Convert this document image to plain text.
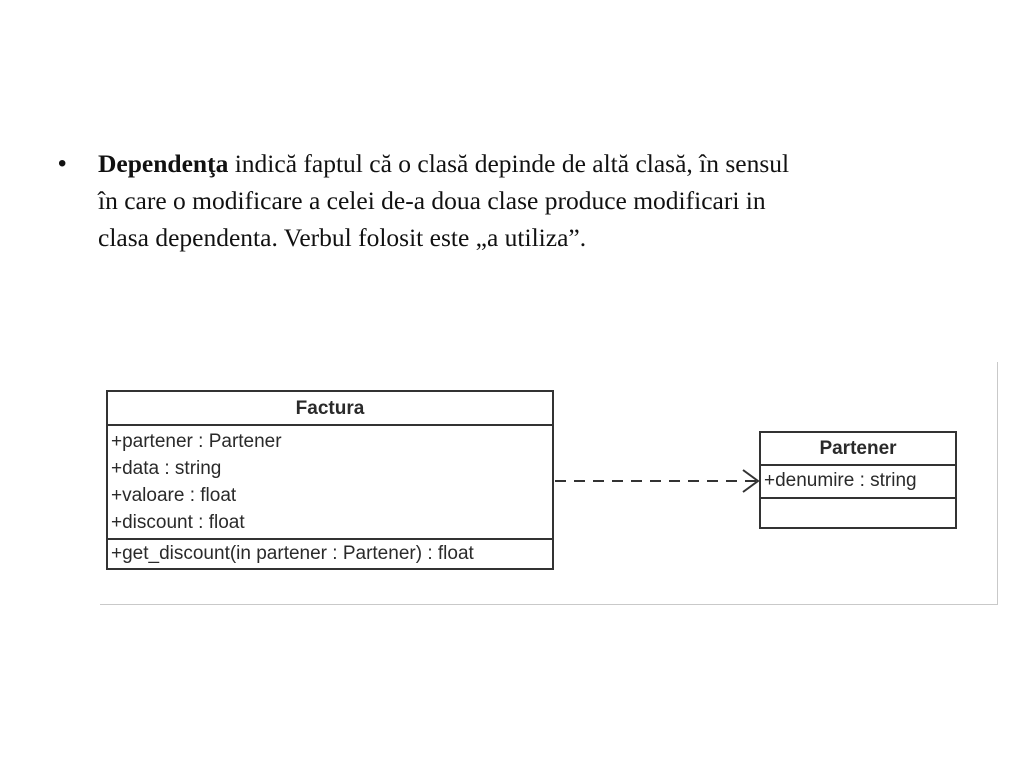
• Dependenţa indică faptul că o clasă depinde de altă clasă, în sensul
în care o modificare a celei de-a doua clase produce modificari in
clasa dependenta. Verbul folosit este „a utiliza”.
Factura
+partener : Partener
+data : string
+valoare : float
+discount : float
+get_discount(in partener : Partener) : float
Partener
+denumire : string
